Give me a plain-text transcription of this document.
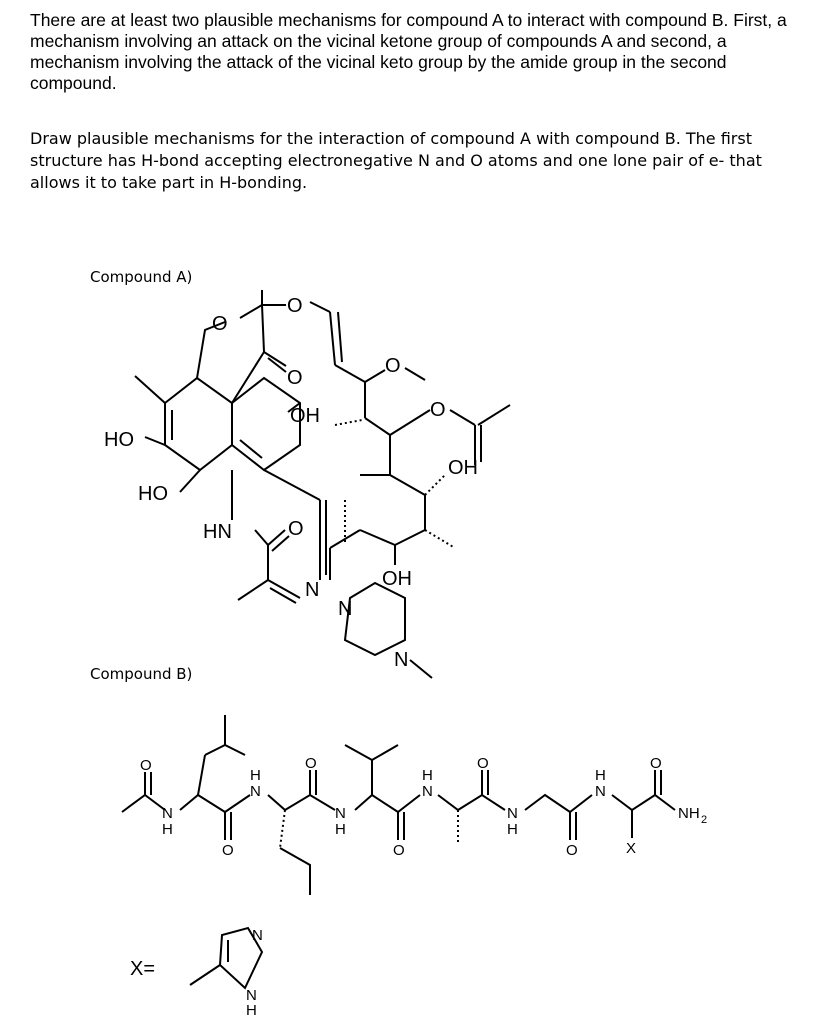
There are at least two plausible mechanisms for compound A to interact with compound B. First, a mechanism involving an attack on the vicinal ketone group of compounds A and second, a mechanism involving the attack of the vicinal keto group by the amide group in the second compound.

Draw plausible mechanisms for the interaction of compound A with compound B. The first structure has H-bond accepting electronegative N and O atoms and one lone pair of e- that allows it to take part in H-bonding.

Compound A)
Compound B)
O
O
O
O
OH
HO
HO
HN	O
O
OH
OH
N
N
N
N
H
O
O
H
N
O
N
H
O
H
N
O
N
H
O
H
N
O
X
NH 2
X=
N
N
H
